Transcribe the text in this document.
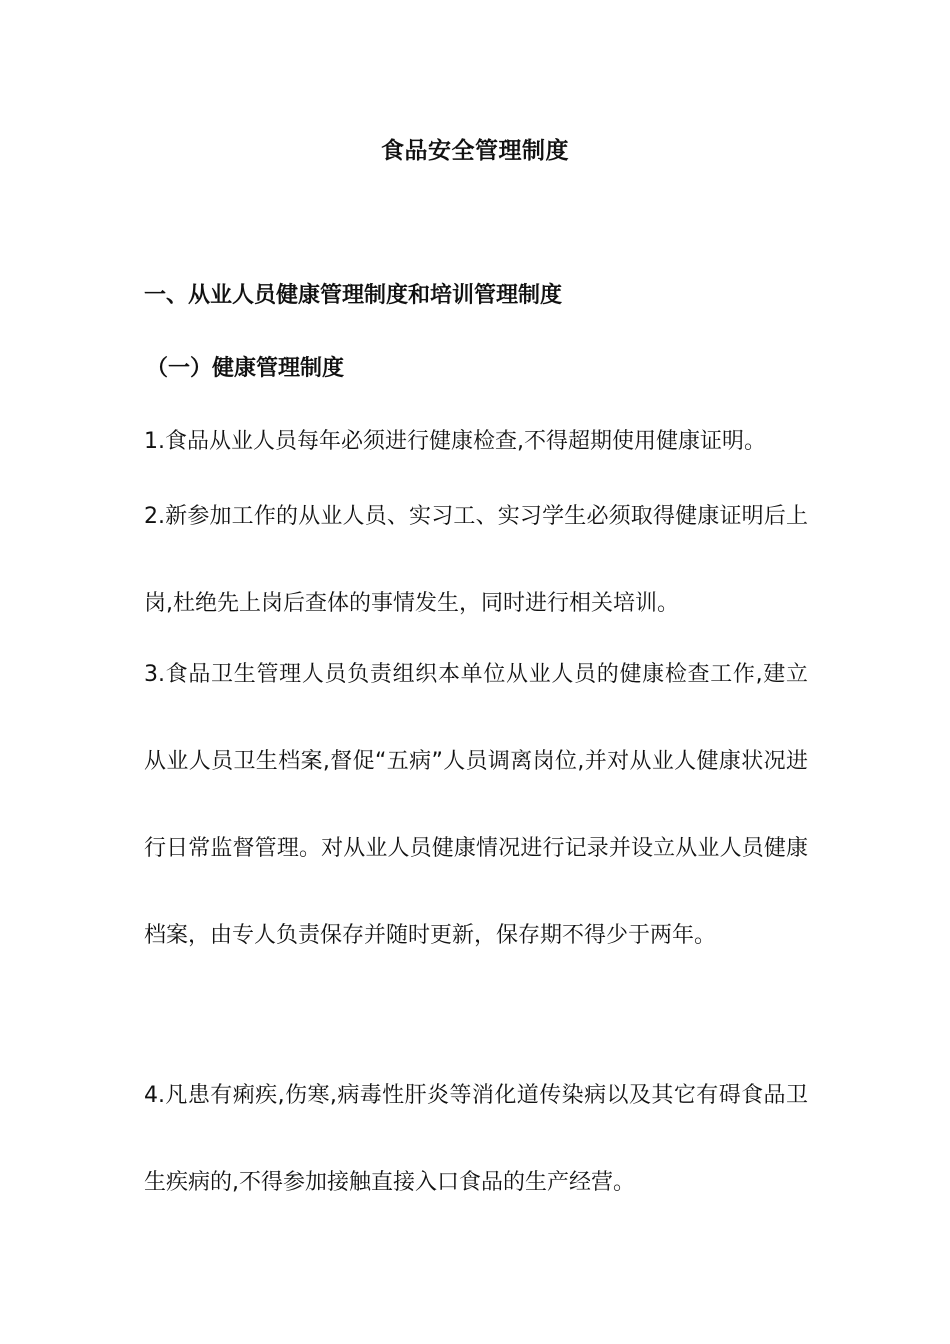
食品安全管理制度
一、从业人员健康管理制度和培训管理制度
（一）健康管理制度

1.食品从业人员每年必须进行健康检查,不得超期使用健康证明。

2.新参加工作的从业人员、实习工、实习学生必须取得健康证明后上岗,杜绝先上岗后查体的事情发生，同时进行相关培训。

3.食品卫生管理人员负责组织本单位从业人员的健康检查工作,建立从业人员卫生档案,督促“五病”人员调离岗位,并对从业人健康状况进行日常监督管理。对从业人员健康情况进行记录并设立从业人员健康档案，由专人负责保存并随时更新，保存期不得少于两年。

4.凡患有痢疾,伤寒,病毒性肝炎等消化道传染病以及其它有碍食品卫生疾病的,不得参加接触直接入口食品的生产经营。
